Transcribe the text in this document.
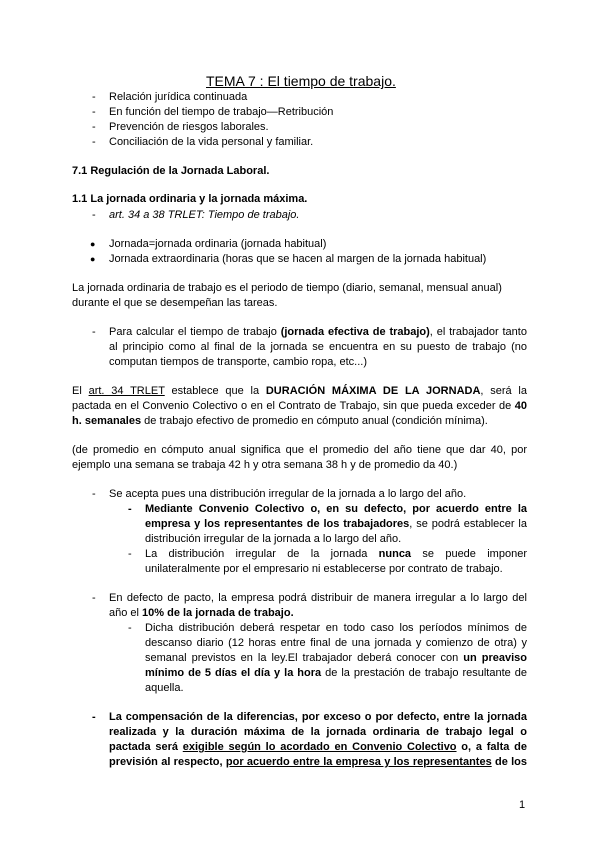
TEMA 7 : El tiempo de trabajo.
- Relación jurídica continuada
- En función del tiempo de trabajo—Retribución
- Prevención de riesgos laborales.
- Conciliación de la vida personal y familiar.
7.1 Regulación de la Jornada Laboral.
1.1 La jornada ordinaria y la jornada máxima.
- art. 34 a 38 TRLET: Tiempo de trabajo.
● Jornada=jornada ordinaria (jornada habitual)
● Jornada extraordinaria (horas que se hacen al margen de la jornada habitual)
La jornada ordinaria de trabajo es el periodo de tiempo (diario, semanal, mensual anual)
durante el que se desempeñan las tareas.
- Para calcular el tiempo de trabajo (jornada efectiva de trabajo), el trabajador tanto
al principio como al final de la jornada se encuentra en su puesto de trabajo (no
computan tiempos de transporte, cambio ropa, etc...)
El art. 34 TRLET establece que la DURACIÓN MÁXIMA DE LA JORNADA, será la
pactada en el Convenio Colectivo o en el Contrato de Trabajo, sin que pueda exceder de 40
h. semanales de trabajo efectivo de promedio en cómputo anual (condición mínima).
(de promedio en cómputo anual significa que el promedio del año tiene que dar 40, por
ejemplo una semana se trabaja 42 h y otra semana 38 h y de promedio da 40.)
- Se acepta pues una distribución irregular de la jornada a lo largo del año.
- Mediante Convenio Colectivo o, en su defecto, por acuerdo entre la
empresa y los representantes de los trabajadores, se podrá establecer la
distribución irregular de la jornada a lo largo del año.
- La distribución irregular de la jornada nunca se puede imponer
unilateralmente por el empresario ni establecerse por contrato de trabajo.
- En defecto de pacto, la empresa podrá distribuir de manera irregular a lo largo del
año el 10% de la jornada de trabajo.
- Dicha distribución deberá respetar en todo caso los períodos mínimos de
descanso diario (12 horas entre final de una jornada y comienzo de otra) y
semanal previstos en la ley.El trabajador deberá conocer con un preaviso
mínimo de 5 días el día y la hora de la prestación de trabajo resultante de
aquella.
- La compensación de la diferencias, por exceso o por defecto, entre la jornada
realizada y la duración máxima de la jornada ordinaria de trabajo legal o
pactada será exigible según lo acordado en Convenio Colectivo o, a falta de
previsión al respecto, por acuerdo entre la empresa y los representantes de los
1
